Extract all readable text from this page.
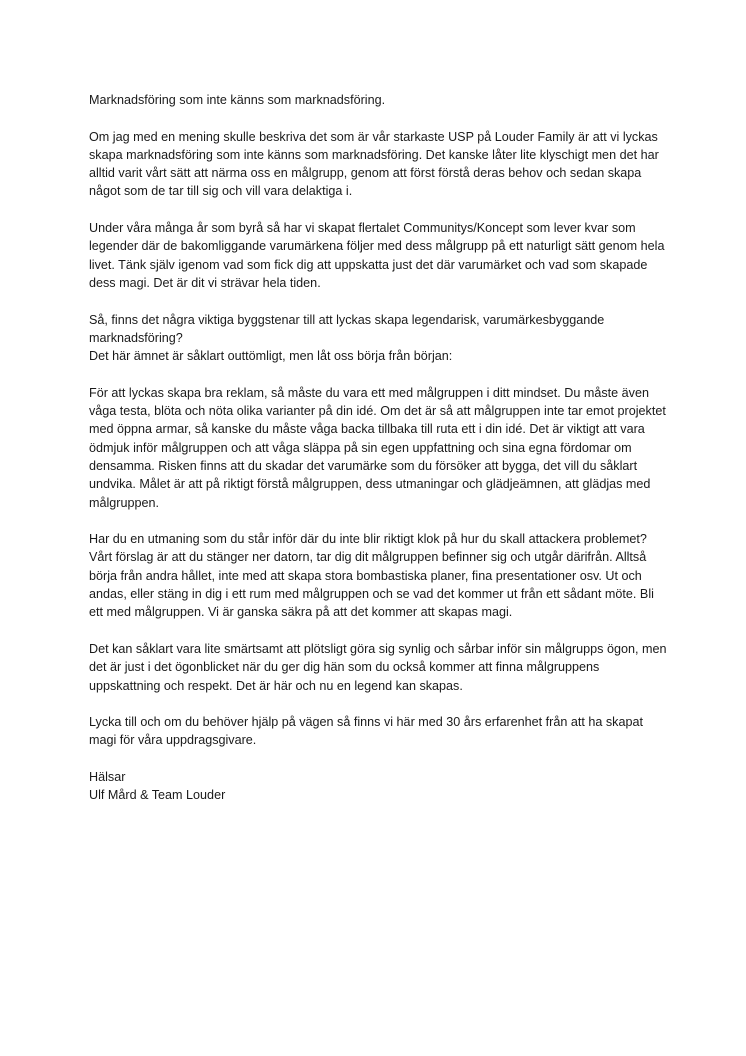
Marknadsföring som inte känns som marknadsföring.

Om jag med en mening skulle beskriva det som är vår starkaste USP på Louder Family är att vi lyckas skapa marknadsföring som inte känns som marknadsföring. Det kanske låter lite klyschigt men det har alltid varit vårt sätt att närma oss en målgrupp, genom att först förstå deras behov och sedan skapa något som de tar till sig och vill vara delaktiga i.

Under våra många år som byrå så har vi skapat flertalet Communitys/Koncept som lever kvar som legender där de bakomliggande varumärkena följer med dess målgrupp på ett naturligt sätt genom hela livet. Tänk själv igenom vad som fick dig att uppskatta just det där varumärket och vad som skapade dess magi. Det är dit vi strävar hela tiden.

Så, finns det några viktiga byggstenar till att lyckas skapa legendarisk, varumärkesbyggande marknadsföring?

Det här ämnet är såklart outtömligt, men låt oss börja från början:

För att lyckas skapa bra reklam, så måste du vara ett med målgruppen i ditt mindset. Du måste även våga testa, blöta och nöta olika varianter på din idé. Om det är så att målgruppen inte tar emot projektet med öppna armar, så kanske du måste våga backa tillbaka till ruta ett i din idé. Det är viktigt att vara ödmjuk inför målgruppen och att våga släppa på sin egen uppfattning och sina egna fördomar om densamma. Risken finns att du skadar det varumärke som du försöker att bygga, det vill du såklart undvika. Målet är att på riktigt förstå målgruppen, dess utmaningar och glädjeämnen, att glädjas med målgruppen.

Har du en utmaning som du står inför där du inte blir riktigt klok på hur du skall attackera problemet? Vårt förslag är att du stänger ner datorn, tar dig dit målgruppen befinner sig och utgår därifrån. Alltså börja från andra hållet, inte med att skapa stora bombastiska planer, fina presentationer osv. Ut och andas, eller stäng in dig i ett rum med målgruppen och se vad det kommer ut från ett sådant möte. Bli ett med målgruppen. Vi är ganska säkra på att det kommer att skapas magi.

Det kan såklart vara lite smärtsamt att plötsligt göra sig synlig och sårbar inför sin målgrupps ögon, men det är just i det ögonblicket när du ger dig hän som du också kommer att finna målgruppens uppskattning och respekt. Det är här och nu en legend kan skapas.

Lycka till och om du behöver hjälp på vägen så finns vi här med 30 års erfarenhet från att ha skapat magi för våra uppdragsgivare.

Hälsar

Ulf Mård & Team Louder
